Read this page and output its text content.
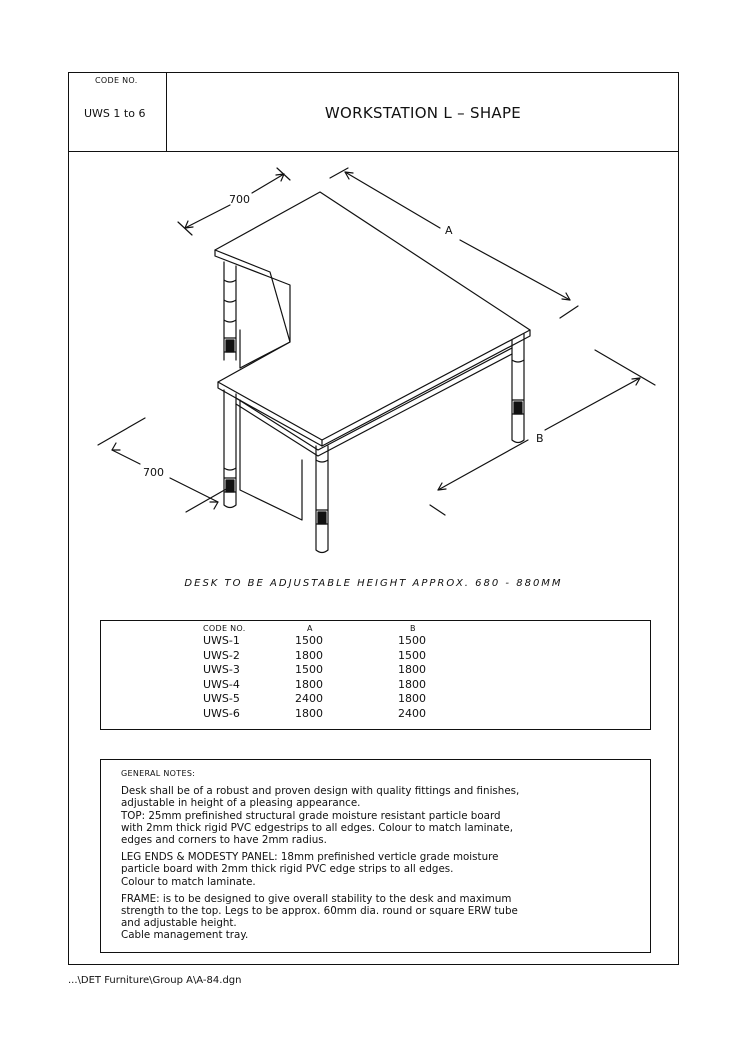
CODE NO.
UWS 1 to 6	WORKSTATION L – SHAPE
700
A
B
700
DESK TO BE ADJUSTABLE HEIGHT APPROX. 680 - 880MM
CODE NO.	A	B
UWS-1	1500	1500
UWS-2	1800	1500
UWS-3	1500	1800
UWS-4	1800	1800
UWS-5	2400	1800
UWS-6	1800	2400
GENERAL NOTES:

Desk shall be of a robust and proven design with quality fittings and finishes,
adjustable in height of a pleasing appearance.
TOP: 25mm prefinished structural grade moisture resistant particle board
with 2mm thick rigid PVC edgestrips to all edges. Colour to match laminate,
edges and corners to have 2mm radius.

LEG ENDS & MODESTY PANEL: 18mm prefinished verticle grade moisture
particle board with 2mm thick rigid PVC edge strips to all edges.
Colour to match laminate.

FRAME: is to be designed to give overall stability to the desk and maximum
strength to the top. Legs to be approx. 60mm dia. round or square ERW tube
and adjustable height.
Cable management tray.

...\DET Furniture\Group A\A-84.dgn
